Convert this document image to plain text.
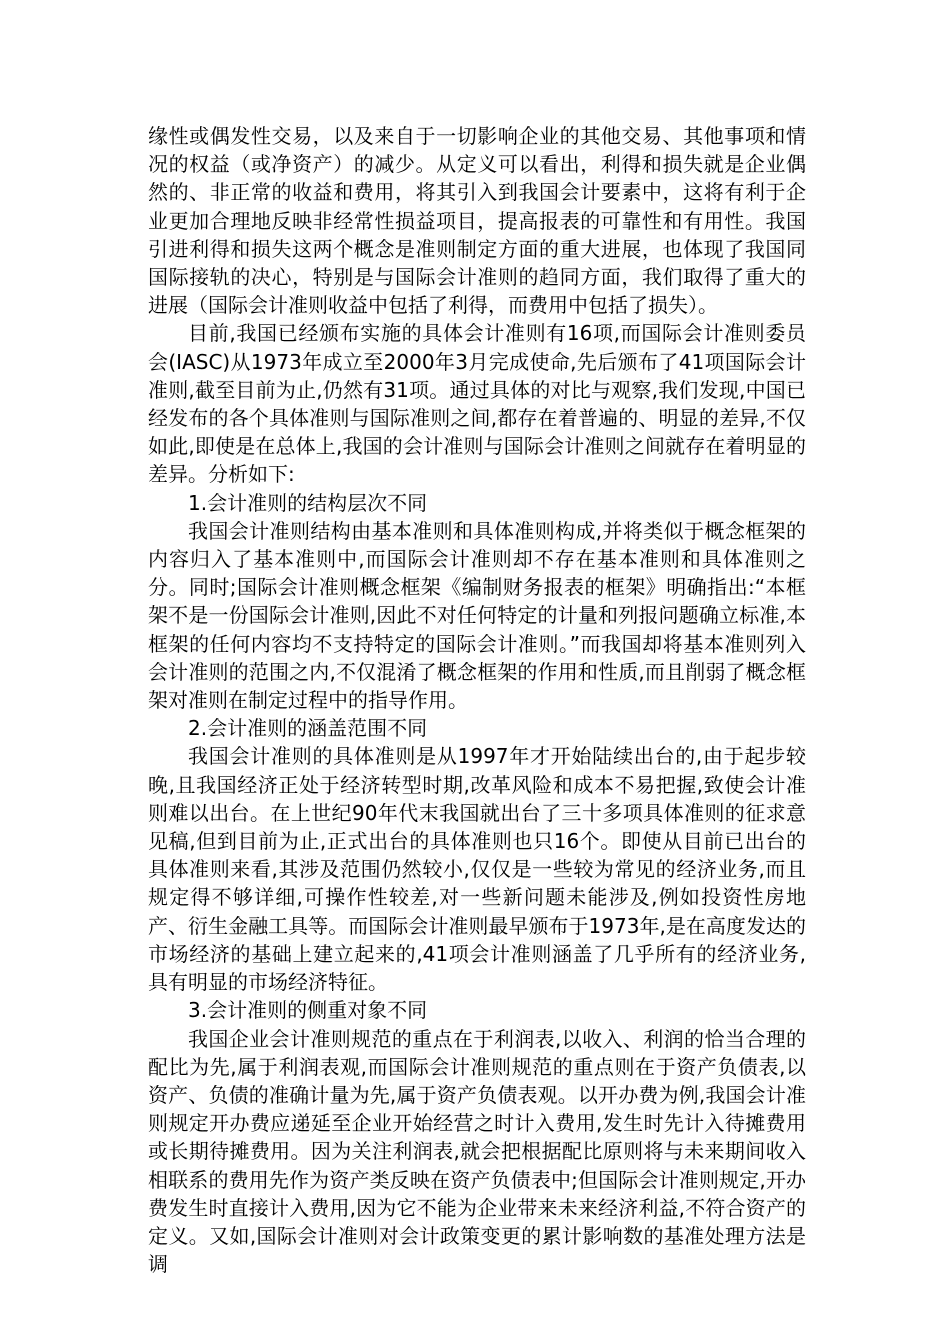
缘性或偶发性交易，以及来自于一切影响企业的其他交易、其他事项和情况的权益（或净资产）的减少。从定义可以看出，利得和损失就是企业偶然的、非正常的收益和费用，将其引入到我国会计要素中，这将有利于企业更加合理地反映非经常性损益项目，提高报表的可靠性和有用性。我国引进利得和损失这两个概念是准则制定方面的重大进展，也体现了我国同国际接轨的决心，特别是与国际会计准则的趋同方面，我们取得了重大的进展（国际会计准则收益中包括了利得，而费用中包括了损失）。

目前,我国已经颁布实施的具体会计准则有16项,而国际会计准则委员会(IASC)从1973年成立至2000年3月完成使命,先后颁布了41项国际会计准则,截至目前为止,仍然有31项。通过具体的对比与观察,我们发现,中国已经发布的各个具体准则与国际准则之间,都存在着普遍的、明显的差异,不仅如此,即使是在总体上,我国的会计准则与国际会计准则之间就存在着明显的差异。分析如下:

1.会计准则的结构层次不同

我国会计准则结构由基本准则和具体准则构成,并将类似于概念框架的内容归入了基本准则中,而国际会计准则却不存在基本准则和具体准则之分。同时;国际会计准则概念框架《编制财务报表的框架》明确指出:“本框架不是一份国际会计准则,因此不对任何特定的计量和列报问题确立标准,本框架的任何内容均不支持特定的国际会计准则。”而我国却将基本准则列入会计准则的范围之内,不仅混淆了概念框架的作用和性质,而且削弱了概念框架对准则在制定过程中的指导作用。

2.会计准则的涵盖范围不同

我国会计准则的具体准则是从1997年才开始陆续出台的,由于起步较晚,且我国经济正处于经济转型时期,改革风险和成本不易把握,致使会计准则难以出台。在上世纪90年代末我国就出台了三十多项具体准则的征求意见稿,但到目前为止,正式出台的具体准则也只16个。即使从目前已出台的具体准则来看,其涉及范围仍然较小,仅仅是一些较为常见的经济业务,而且规定得不够详细,可操作性较差,对一些新问题未能涉及,例如投资性房地产、衍生金融工具等。而国际会计准则最早颁布于1973年,是在高度发达的市场经济的基础上建立起来的,41项会计准则涵盖了几乎所有的经济业务,具有明显的市场经济特征。

3.会计准则的侧重对象不同

我国企业会计准则规范的重点在于利润表,以收入、利润的恰当合理的配比为先,属于利润表观,而国际会计准则规范的重点则在于资产负债表,以资产、负债的准确计量为先,属于资产负债表观。以开办费为例,我国会计准则规定开办费应递延至企业开始经营之时计入费用,发生时先计入待摊费用或长期待摊费用。因为关注利润表,就会把根据配比原则将与未来期间收入相联系的费用先作为资产类反映在资产负债表中;但国际会计准则规定,开办费发生时直接计入费用,因为它不能为企业带来未来经济利益,不符合资产的定义。又如,国际会计准则对会计政策变更的累计影响数的基准处理方法是调
